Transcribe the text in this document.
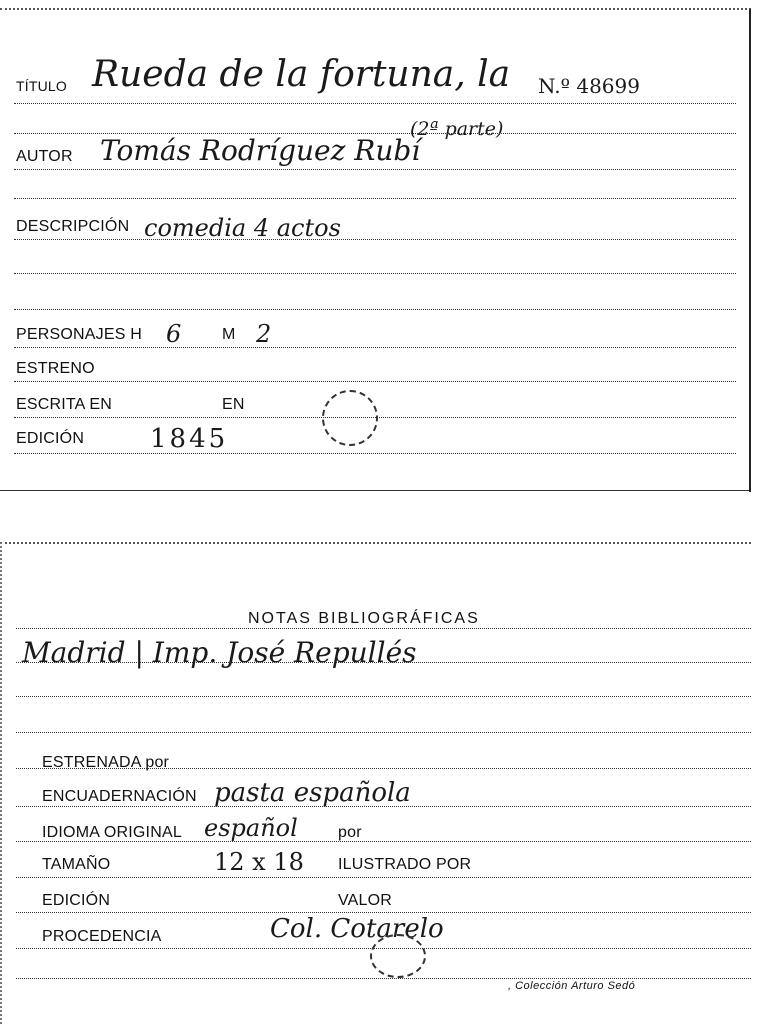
TÍTULO Rueda de la fortuna, la N.º 48699
(2ª parte)
AUTOR Tomás Rodríguez Rubí
DESCRIPCIÓN comedia 4 actos
PERSONAJES H 6	M 2
ESTRENO
ESCRITA EN	EN
EDICIÓN	1845
NOTAS BIBLIOGRÁFICAS
Madrid | Imp. José Repullés
ESTRENADA por
ENCUADERNACIÓN pasta española
IDIOMA ORIGINAL español	por
TAMAÑO	12 x 18 ILUSTRADO POR
EDICIÓN	VALOR
PROCEDENCIA	Col. Cotarelo
, Colección Arturo Sedó
